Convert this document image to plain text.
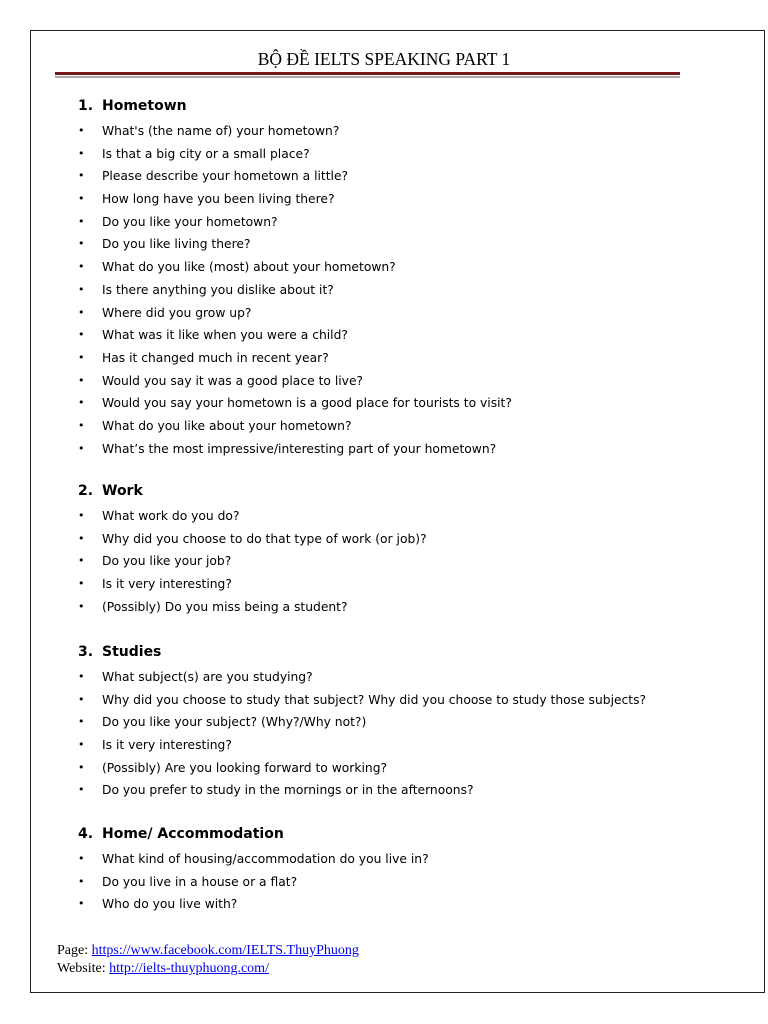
BỘ ĐỀ IELTS SPEAKING PART 1
1. Hometown
• What's (the name of) your hometown?
• Is that a big city or a small place?
• Please describe your hometown a little?
• How long have you been living there?
• Do you like your hometown?
• Do you like living there?
• What do you like (most) about your hometown?
• Is there anything you dislike about it?
• Where did you grow up?
• What was it like when you were a child?
• Has it changed much in recent year?
• Would you say it was a good place to live?
• Would you say your hometown is a good place for tourists to visit?
• What do you like about your hometown?
• What’s the most impressive/interesting part of your hometown?
2. Work
• What work do you do?
• Why did you choose to do that type of work (or job)?
• Do you like your job?
• Is it very interesting?
• (Possibly) Do you miss being a student?
3. Studies
• What subject(s) are you studying?
• Why did you choose to study that subject? Why did you choose to study those subjects?
• Do you like your subject? (Why?/Why not?)
• Is it very interesting?
• (Possibly) Are you looking forward to working?
• Do you prefer to study in the mornings or in the afternoons?
4. Home/ Accommodation
• What kind of housing/accommodation do you live in?
• Do you live in a house or a flat?
• Who do you live with?
Page: https://www.facebook.com/IELTS.ThuyPhuong
Website: http://ielts-thuyphuong.com/
